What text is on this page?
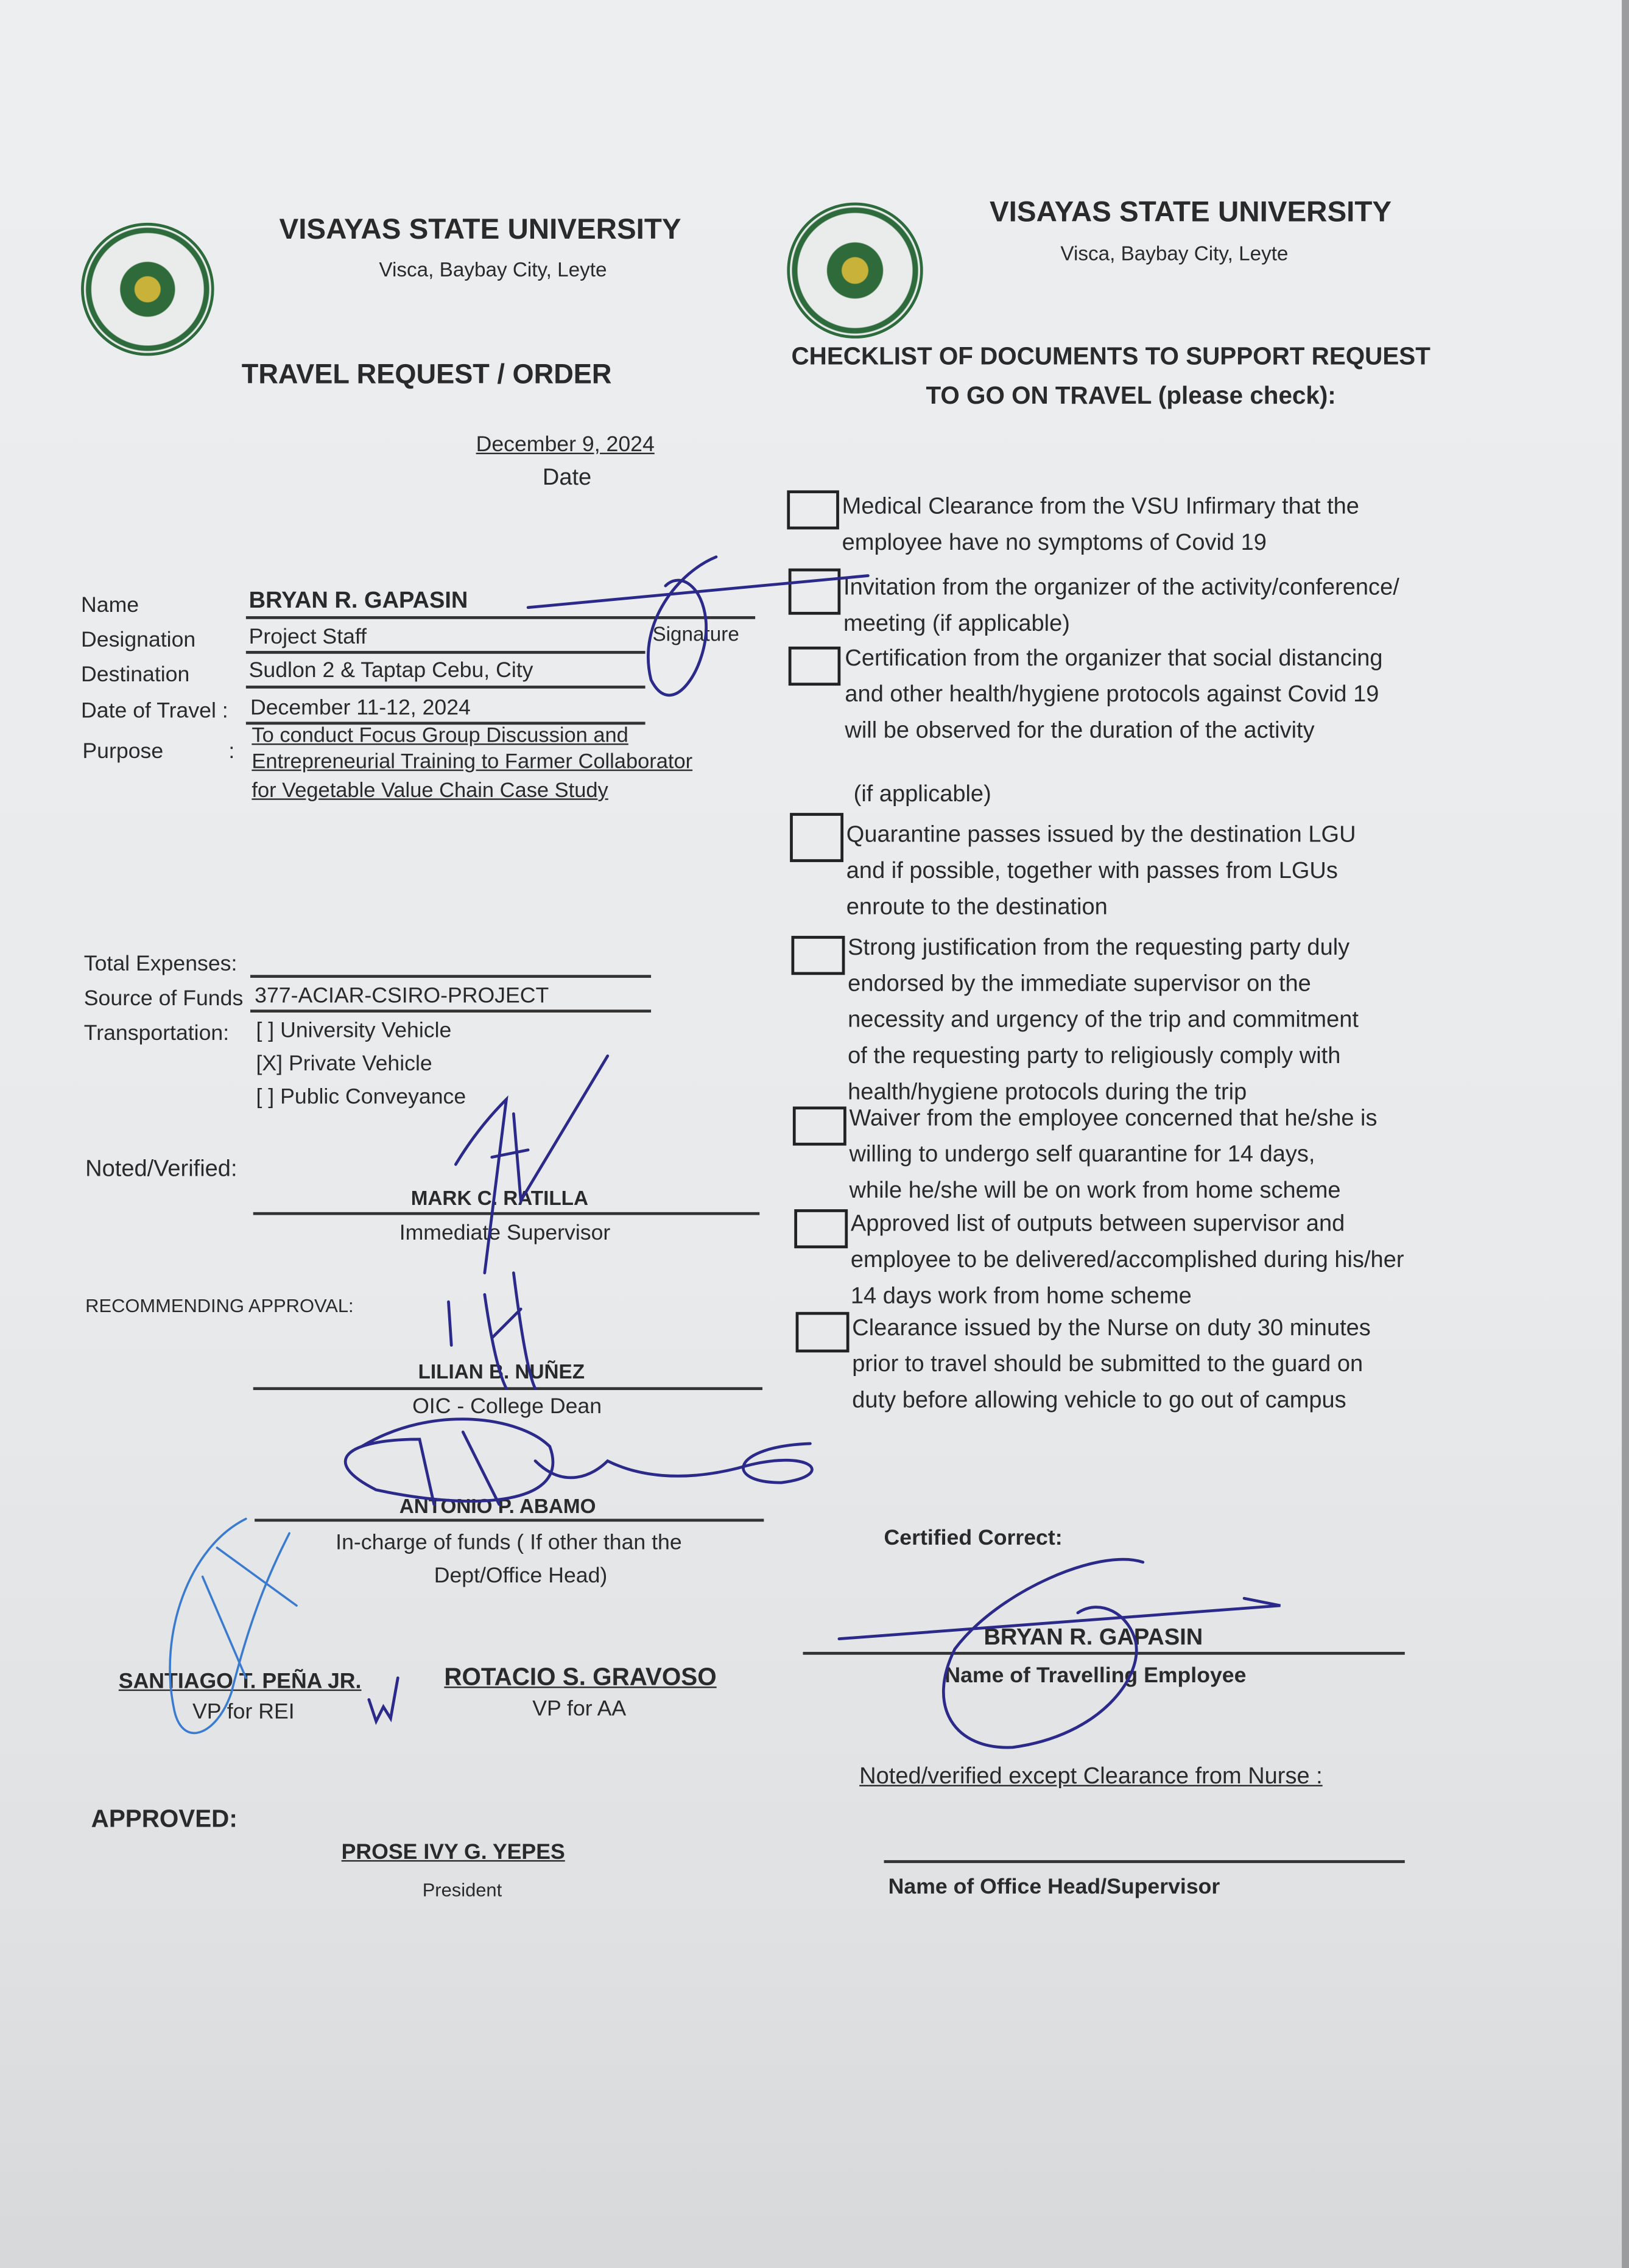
VISAYAS STATE UNIVERSITY
Visca, Baybay City, Leyte
TRAVEL REQUEST / ORDER
December 9, 2024
Date
Name	BRYAN R. GAPASIN
Signature
Designation	Project Staff
Destination	Sudlon 2 & Taptap Cebu, City
Date of Travel : December 11-12, 2024
Purpose	:
To conduct Focus Group Discussion and
Entrepreneurial Training to Farmer Collaborator
for Vegetable Value Chain Case Study
Total Expenses:
Source of Funds	377-ACIAR-CSIRO-PROJECT
Transportation:	[ ] University Vehicle
[X] Private Vehicle
[ ] Public Conveyance
Noted/Verified:
MARK C. RATILLA
Immediate Supervisor
RECOMMENDING APPROVAL:
LILIAN B. NUÑEZ
OIC - College Dean
ANTONIO P. ABAMO
In-charge of funds ( If other than the
Dept/Office Head)
SANTIAGO T. PEÑA JR.
VP for REI
ROTACIO S. GRAVOSO
VP for AA
APPROVED:
PROSE IVY G. YEPES
President
VISAYAS STATE UNIVERSITY
Visca, Baybay City, Leyte
CHECKLIST OF DOCUMENTS TO SUPPORT REQUEST
TO GO ON TRAVEL (please check):
Medical Clearance from the VSU Infirmary that the
employee have no symptoms of Covid 19
Invitation from the organizer of the activity/conference/
meeting (if applicable)
Certification from the organizer that social distancing
and other health/hygiene protocols against Covid 19
will be observed for the duration of the activity
(if applicable)
Quarantine passes issued by the destination LGU
and if possible, together with passes from LGUs
enroute to the destination
Strong justification from the requesting party duly
endorsed by the immediate supervisor on the
necessity and urgency of the trip and commitment
of the requesting party to religiously comply with
health/hygiene protocols during the trip
Waiver from the employee concerned that he/she is
willing to undergo self quarantine for 14 days,
while he/she will be on work from home scheme
Approved list of outputs between supervisor and
employee to be delivered/accomplished during his/her
14 days work from home scheme
Clearance issued by the Nurse on duty 30 minutes
prior to travel should be submitted to the guard on
duty before allowing vehicle to go out of campus
Certified Correct:
BRYAN R. GAPASIN
Name of Travelling Employee
Noted/verified except Clearance from Nurse :
Name of Office Head/Supervisor
